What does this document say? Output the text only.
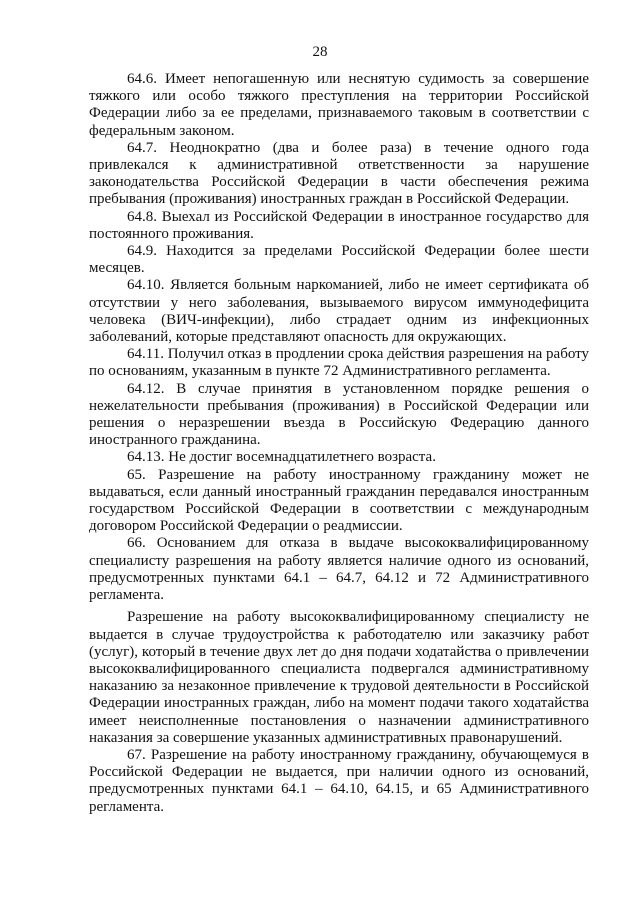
28

64.6. Имеет непогашенную или неснятую судимость за совершение тяжкого или особо тяжкого преступления на территории Российской Федерации либо за ее пределами, признаваемого таковым в соответствии с федеральным законом.

64.7. Неоднократно (два и более раза) в течение одного года привлекался к административной ответственности за нарушение законодательства Российской Федерации в части обеспечения режима пребывания (проживания) иностранных граждан в Российской Федерации.

64.8. Выехал из Российской Федерации в иностранное государство для постоянного проживания.

64.9. Находится за пределами Российской Федерации более шести месяцев.

64.10. Является больным наркоманией, либо не имеет сертификата об отсутствии у него заболевания, вызываемого вирусом иммунодефицита человека (ВИЧ-инфекции), либо страдает одним из инфекционных заболеваний, которые представляют опасность для окружающих.

64.11. Получил отказ в продлении срока действия разрешения на работу по основаниям, указанным в пункте 72 Административного регламента.

64.12. В случае принятия в установленном порядке решения о нежелательности пребывания (проживания) в Российской Федерации или решения о неразрешении въезда в Российскую Федерацию данного иностранного гражданина.

64.13. Не достиг восемнадцатилетнего возраста.

65. Разрешение на работу иностранному гражданину может не выдаваться, если данный иностранный гражданин передавался иностранным государством Российской Федерации в соответствии с международным договором Российской Федерации о реадмиссии.

66. Основанием для отказа в выдаче высококвалифицированному специалисту разрешения на работу является наличие одного из оснований, предусмотренных пунктами 64.1 – 64.7, 64.12 и 72 Административного регламента.

Разрешение на работу высококвалифицированному специалисту не выдается в случае трудоустройства к работодателю или заказчику работ (услуг), который в течение двух лет до дня подачи ходатайства о привлечении высококвалифицированного специалиста подвергался административному наказанию за незаконное привлечение к трудовой деятельности в Российской Федерации иностранных граждан, либо на момент подачи такого ходатайства имеет неисполненные постановления о назначении административного наказания за совершение указанных административных правонарушений.

67. Разрешение на работу иностранному гражданину, обучающемуся в Российской Федерации не выдается, при наличии одного из оснований, предусмотренных пунктами 64.1 – 64.10, 64.15, и 65 Административного регламента.
